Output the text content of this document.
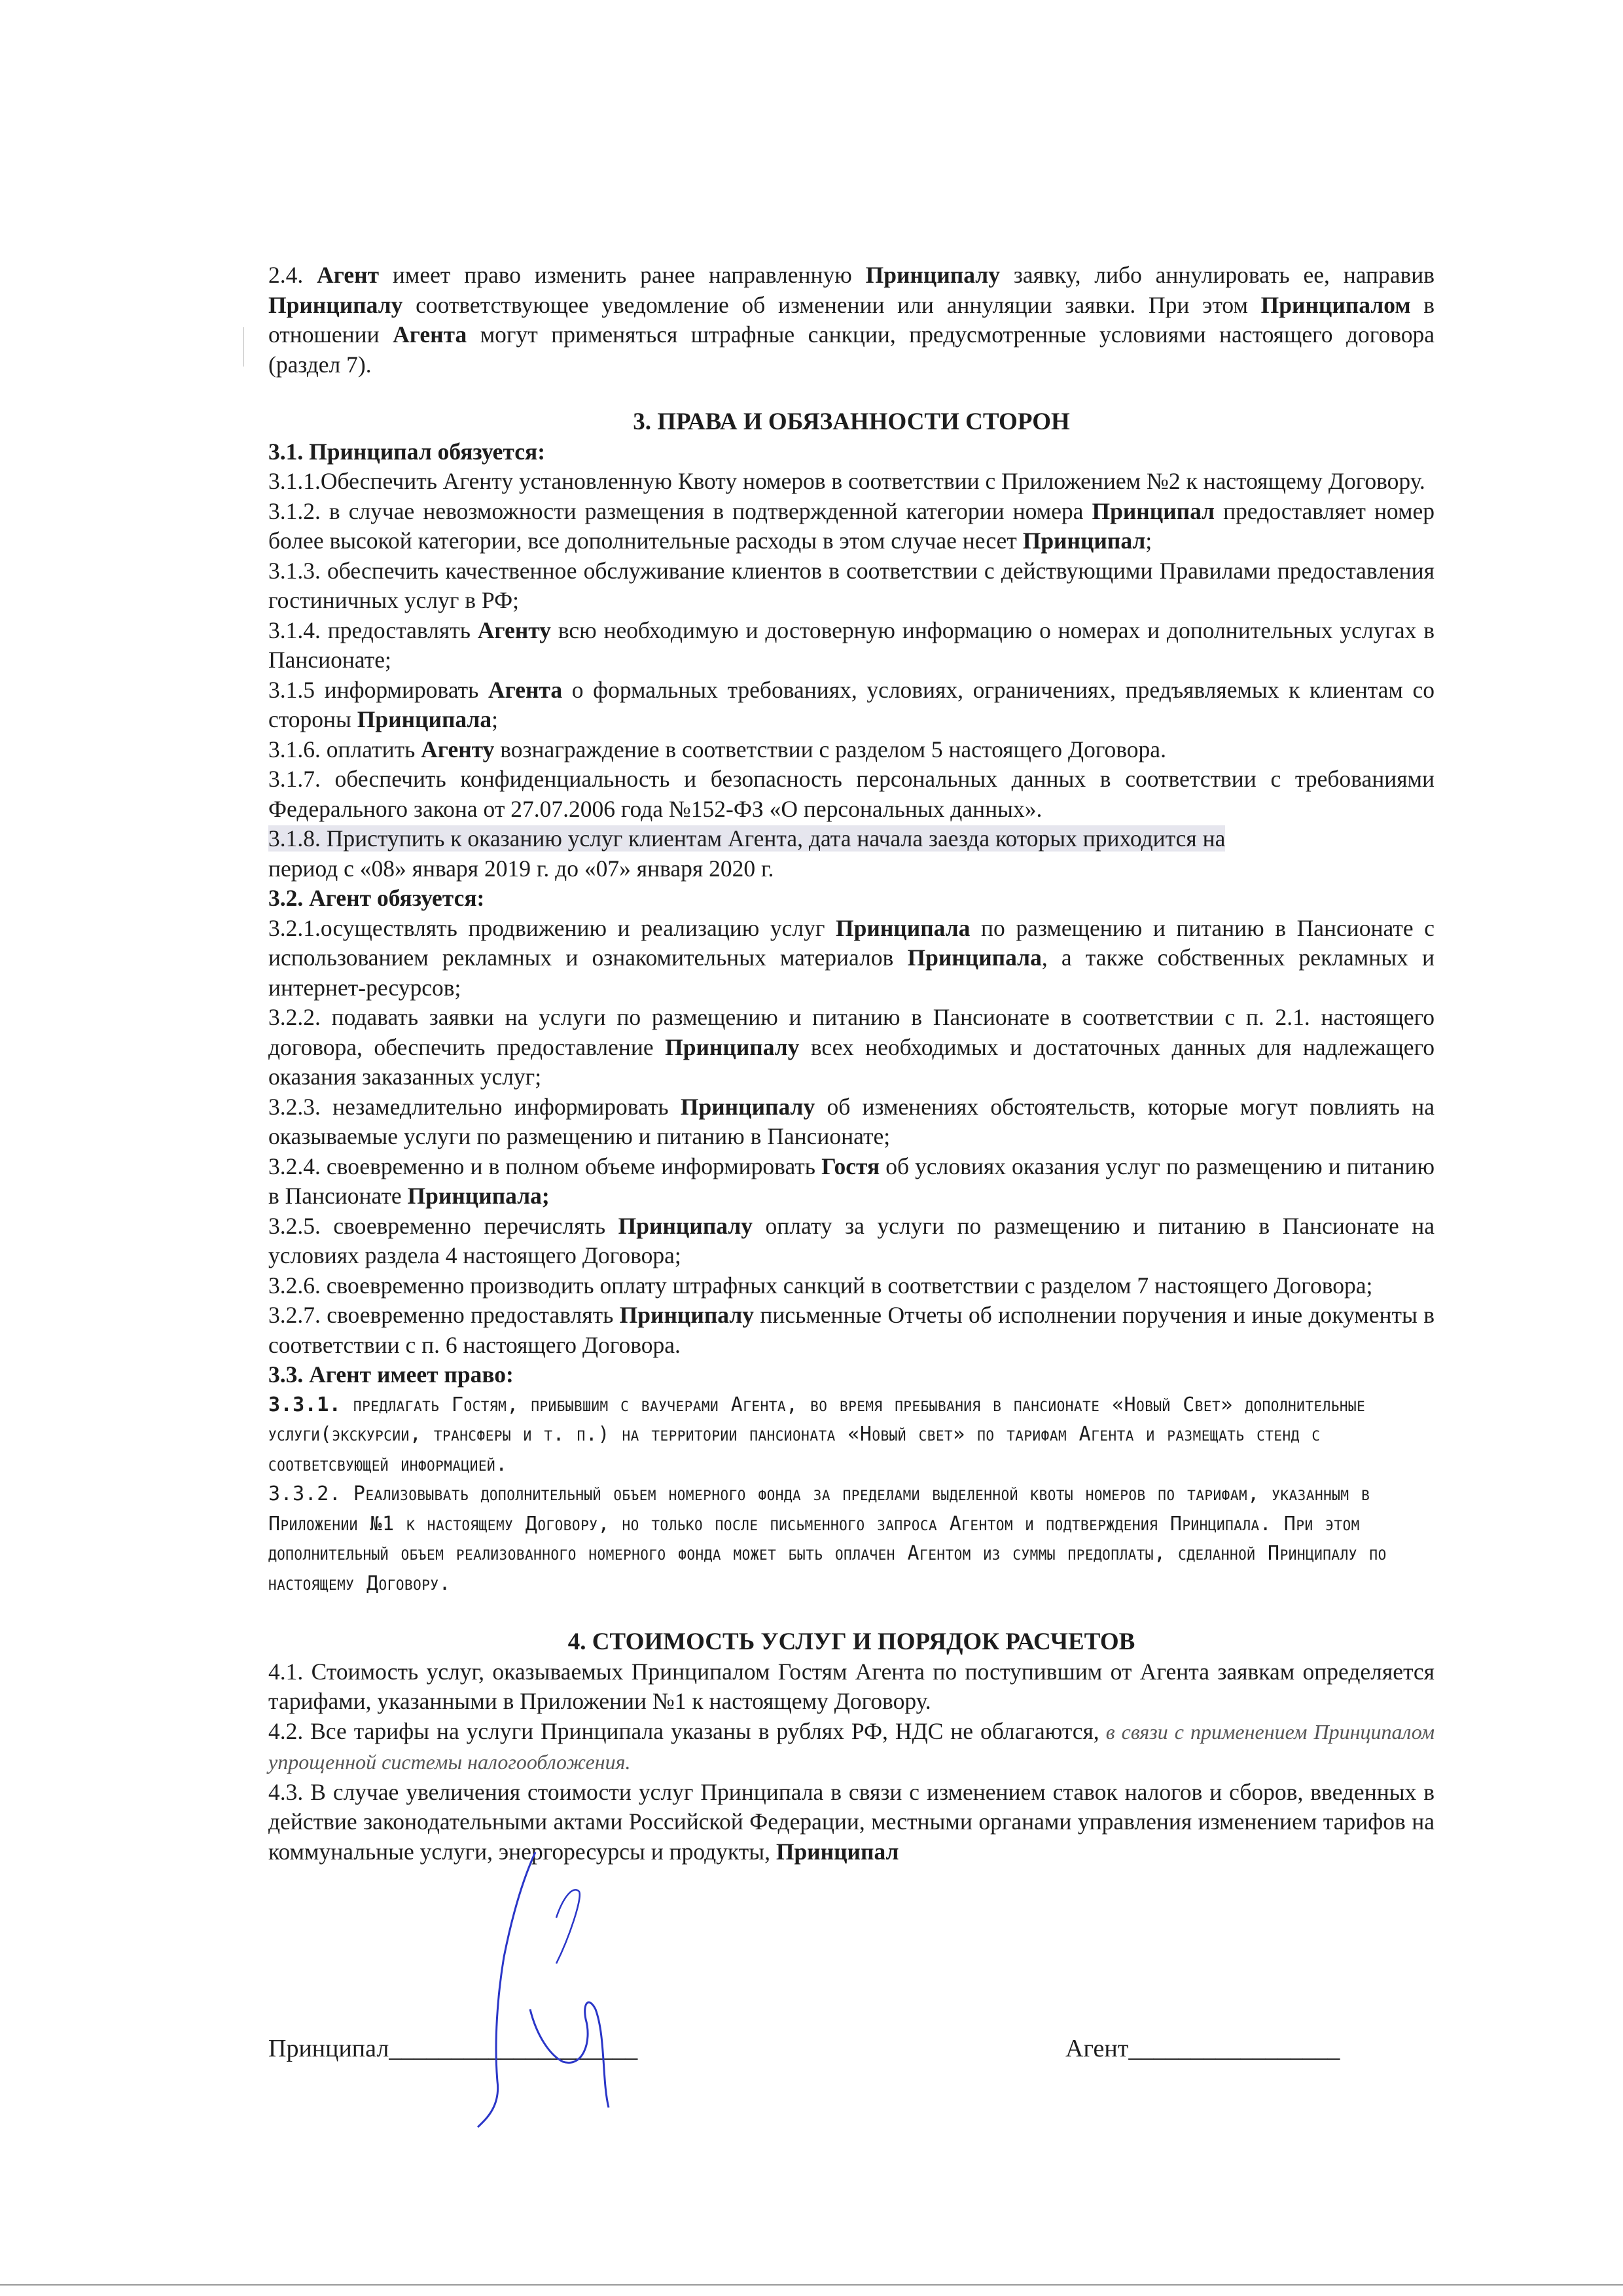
2.4. Агент имеет право изменить ранее направленную Принципалу заявку, либо аннулировать ее, направив Принципалу соответствующее уведомление об изменении или аннуляции заявки. При этом Принципалом в отношении Агента могут применяться штрафные санкции, предусмотренные условиями настоящего договора (раздел 7).

3. ПРАВА И ОБЯЗАННОСТИ СТОРОН

3.1. Принципал обязуется:

3.1.1.Обеспечить Агенту установленную Квоту номеров в соответствии с Приложением №2 к настоящему Договору.

3.1.2. в случае невозможности размещения в подтвержденной категории номера Принципал предоставляет номер более высокой категории, все дополнительные расходы в этом случае несет Принципал;

3.1.3. обеспечить качественное обслуживание клиентов в соответствии с действующими Правилами предоставления гостиничных услуг в РФ;

3.1.4. предоставлять Агенту всю необходимую и достоверную информацию о номерах и дополнительных услугах в Пансионате;

3.1.5 информировать Агента о формальных требованиях, условиях, ограничениях, предъявляемых к клиентам со стороны Принципала;

3.1.6. оплатить Агенту вознаграждение в соответствии с разделом 5 настоящего Договора.

3.1.7. обеспечить конфиденциальность и безопасность персональных данных в соответствии с требованиями Федерального закона от 27.07.2006 года №152-ФЗ «О персональных данных».

3.1.8. Приступить к оказанию услуг клиентам Агента, дата начала заезда которых приходится на
период с «08» января 2019 г. до «07» января 2020 г.

3.2. Агент обязуется:

3.2.1.осуществлять продвижению и реализацию услуг Принципала по размещению и питанию в Пансионате с использованием рекламных и ознакомительных материалов Принципала, а также собственных рекламных и интернет-ресурсов;

3.2.2. подавать заявки на услуги по размещению и питанию в Пансионате в соответствии с п. 2.1. настоящего договора, обеспечить предоставление Принципалу всех необходимых и достаточных данных для надлежащего оказания заказанных услуг;

3.2.3. незамедлительно информировать Принципалу об изменениях обстоятельств, которые могут повлиять на оказываемые услуги по размещению и питанию в Пансионате;

3.2.4. своевременно и в полном объеме информировать Гостя об условиях оказания услуг по размещению и питанию в Пансионате Принципала;

3.2.5. своевременно перечислять Принципалу оплату за услуги по размещению и питанию в Пансионате на условиях раздела 4 настоящего Договора;

3.2.6. своевременно производить оплату штрафных санкций в соответствии с разделом 7 настоящего Договора;

3.2.7. своевременно предоставлять Принципалу письменные Отчеты об исполнении поручения и иные документы в соответствии с п. 6 настоящего Договора.

3.3. Агент имеет право:

3.3.1. предлагать Гостям, прибывшим с ваучерами Агента, во время пребывания в пансионате «Новый Свет» дополнительные услуги(экскурсии, трансферы и т. п.) на территории пансионата «Новый свет» по тарифам Агента и размещать стенд с соответсвующей информацией.

3.3.2. Реализовывать дополнительный объем номерного фонда за пределами выделенной квоты номеров по тарифам, указанным в Приложении №1 к настоящему Договору, но только после письменного запроса Агентом и подтверждения Принципала. При этом дополнительный объем реализованного номерного фонда может быть оплачен Агентом из суммы предоплаты, сделанной Принципалу по настоящему Договору.

4. СТОИМОСТЬ УСЛУГ И ПОРЯДОК РАСЧЕТОВ

4.1. Стоимость услуг, оказываемых Принципалом Гостям Агента по поступившим от Агента заявкам определяется тарифами, указанными в Приложении №1 к настоящему Договору.

4.2. Все тарифы на услуги Принципала указаны в рублях РФ, НДС не облагаются, в связи с применением Принципалом упрощенной системы налогообложения.

4.3. В случае увеличения стоимости услуг Принципала в связи с изменением ставок налогов и сборов, введенных в действие законодательными актами Российской Федерации, местными органами управления изменением тарифов на коммунальные услуги, энергоресурсы и продукты, Принципал

Принципал____________________	Агент_________________
